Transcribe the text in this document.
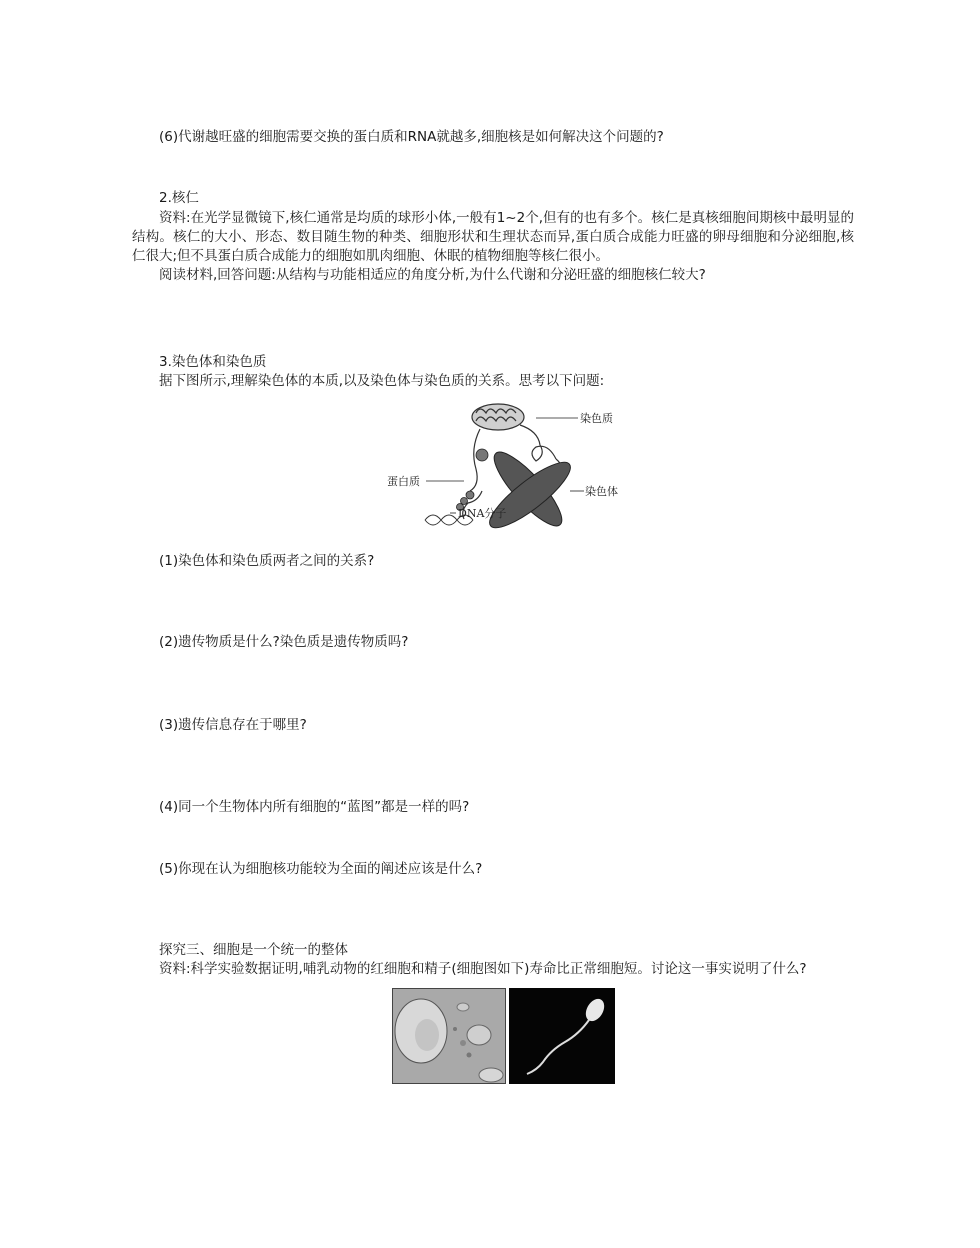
(6)代谢越旺盛的细胞需要交换的蛋白质和RNA就越多,细胞核是如何解决这个问题的?
2.核仁

资料:在光学显微镜下,核仁通常是均质的球形小体,一般有1~2个,但有的也有多个。核仁是真核细胞间期核中最明显的结构。核仁的大小、形态、数目随生物的种类、细胞形状和生理状态而异,蛋白质合成能力旺盛的卵母细胞和分泌细胞,核仁很大;但不具蛋白质合成能力的细胞如肌肉细胞、休眠的植物细胞等核仁很小。

阅读材料,回答问题:从结构与功能相适应的角度分析,为什么代谢和分泌旺盛的细胞核仁较大?

3.染色体和染色质
据下图所示,理解染色体的本质,以及染色体与染色质的关系。思考以下问题:
染色质
蛋白质
染色体
DNA分子
(1)染色体和染色质两者之间的关系?
(2)遗传物质是什么?染色质是遗传物质吗?
(3)遗传信息存在于哪里?
(4)同一个生物体内所有细胞的“蓝图”都是一样的吗?
(5)你现在认为细胞核功能较为全面的阐述应该是什么?
探究三、细胞是一个统一的整体
资料:科学实验数据证明,哺乳动物的红细胞和精子(细胞图如下)寿命比正常细胞短。讨论这一事实说明了什么?
